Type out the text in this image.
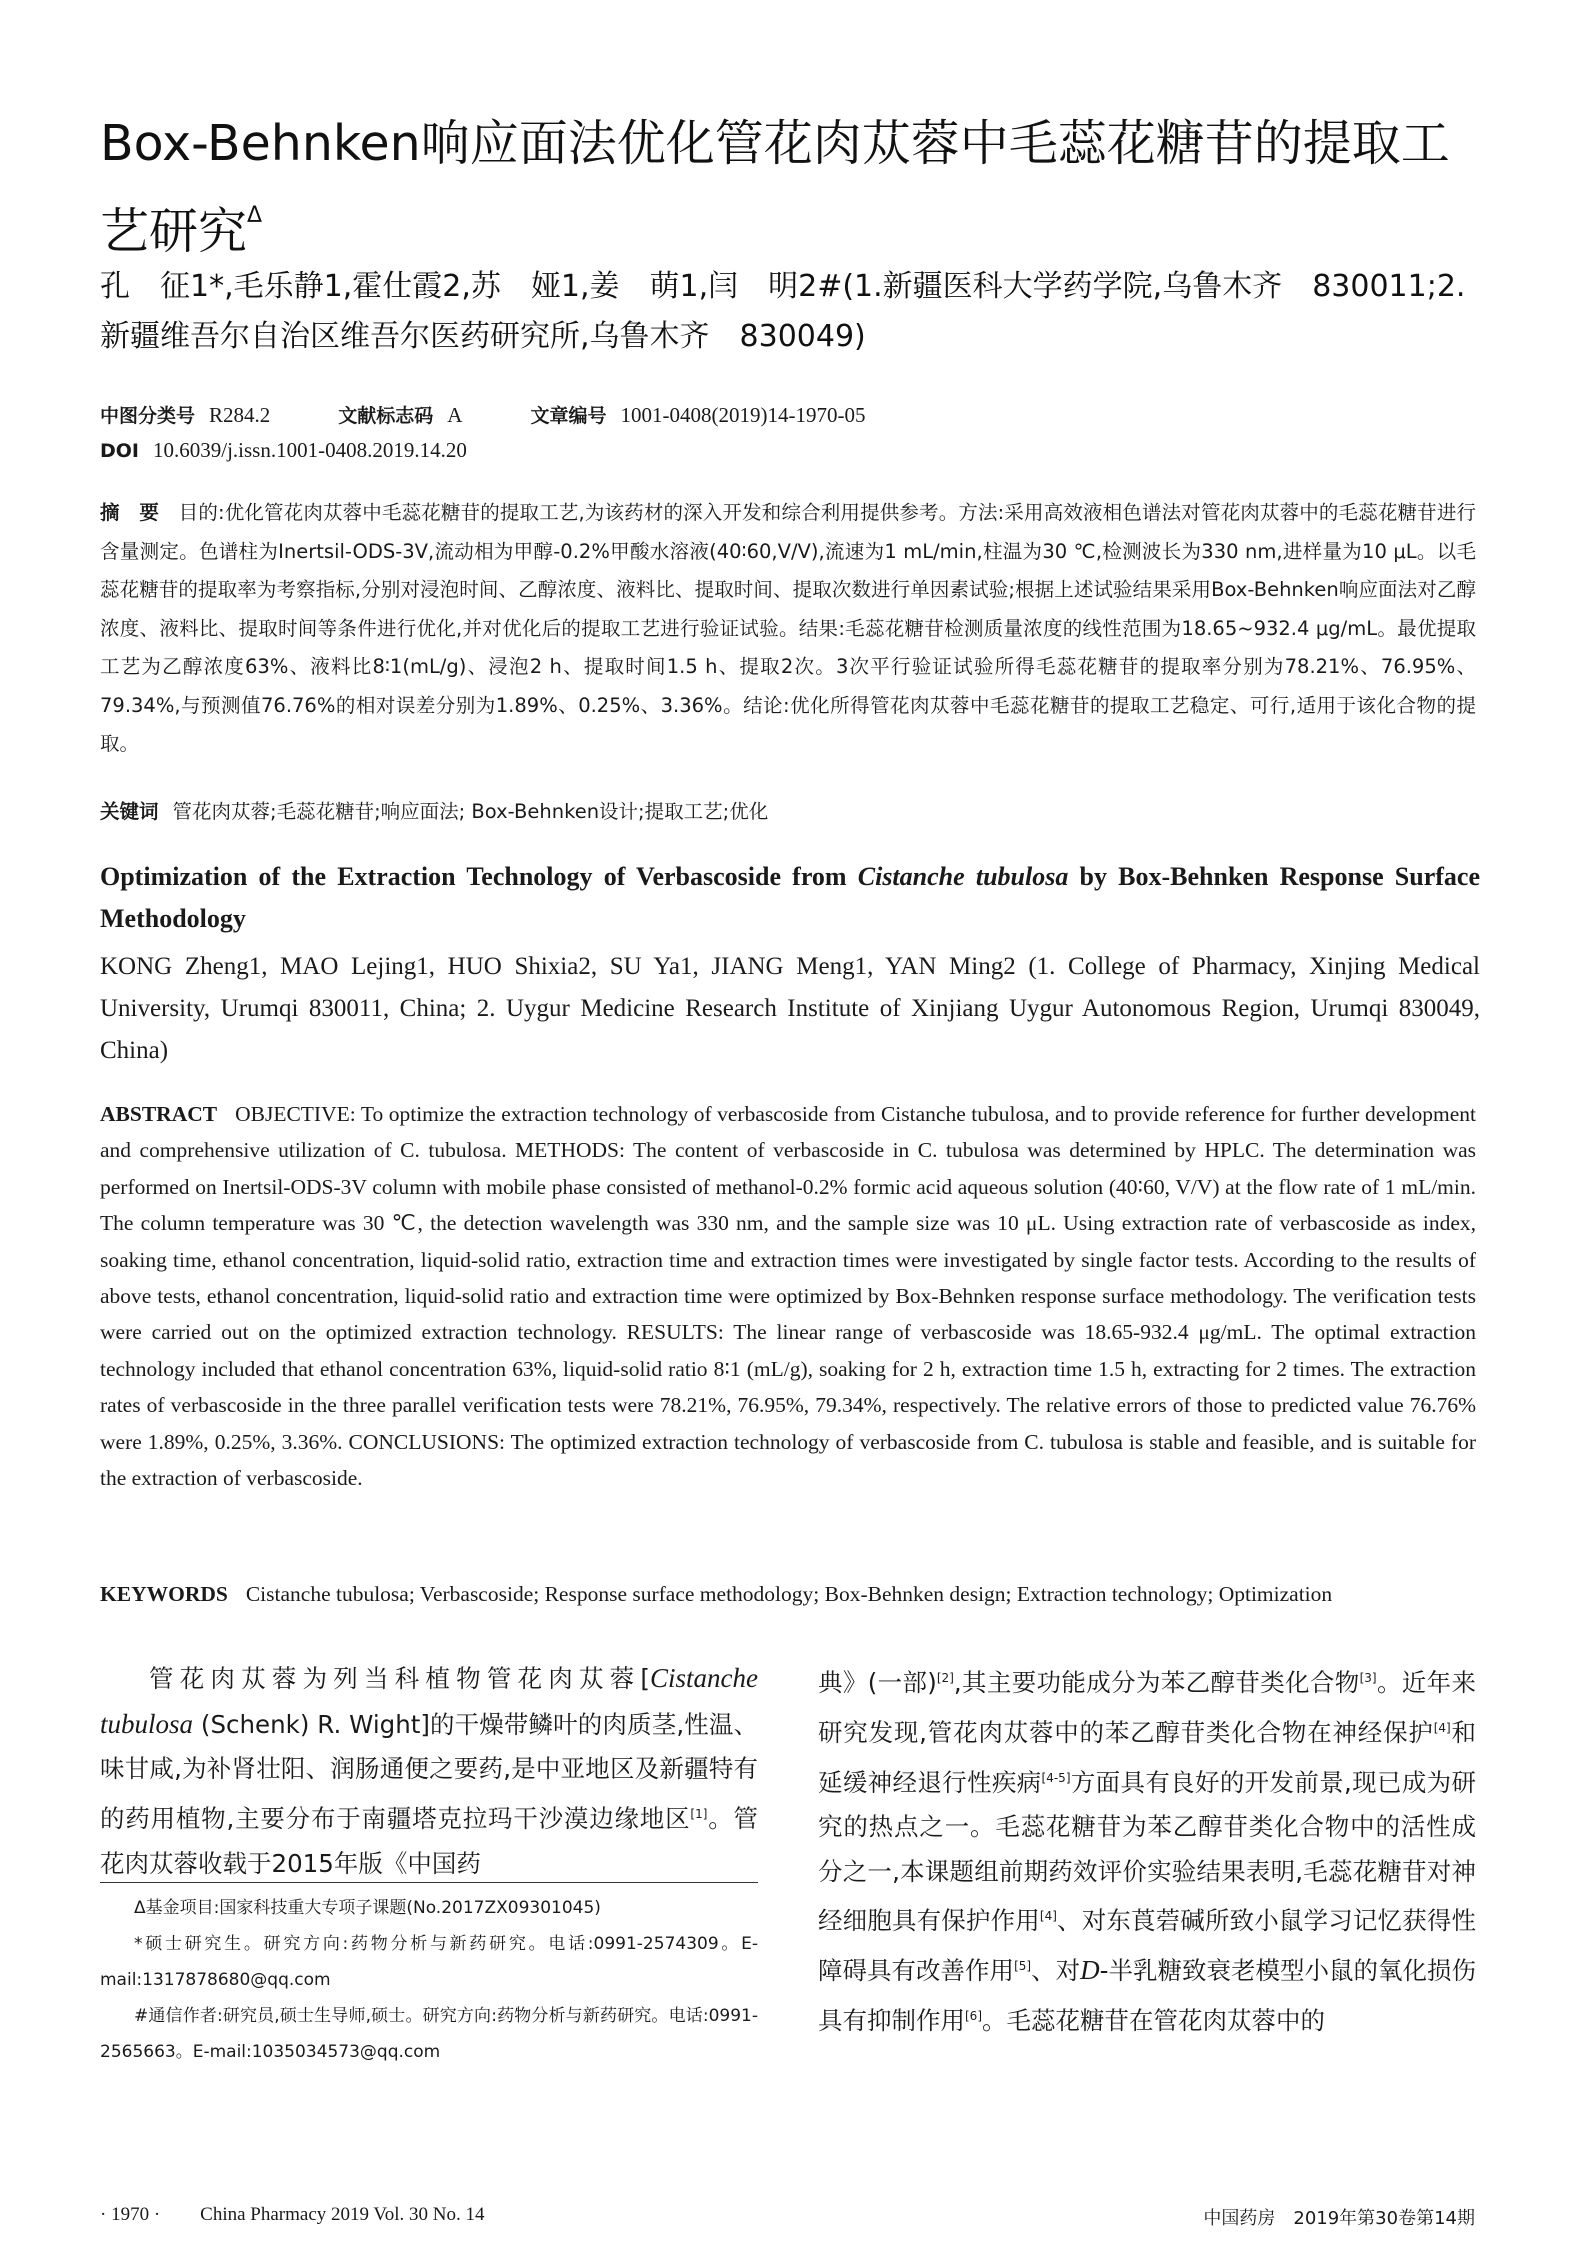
Box-Behnken响应面法优化管花肉苁蓉中毛蕊花糖苷的提取工艺研究$^\Delta$
孔　征1*,毛乐静1,霍仕霞2,苏　娅1,姜　萌1,闫　明2#(1.新疆医科大学药学院,乌鲁木齐　830011;2.新疆维吾尔自治区维吾尔医药研究所,乌鲁木齐　830049)
中图分类号 R284.2	文献标志码 A	文章编号 1001-0408(2019)14-1970-05
DOI 10.6039/j.issn.1001-0408.2019.14.20

摘　要　 目的:优化管花肉苁蓉中毛蕊花糖苷的提取工艺,为该药材的深入开发和综合利用提供参考。方法:采用高效液相色谱法对管花肉苁蓉中的毛蕊花糖苷进行含量测定。色谱柱为Inertsil-ODS-3V,流动相为甲醇-0.2%甲酸水溶液(40∶60,V/V),流速为1 mL/min,柱温为30 ℃,检测波长为330 nm,进样量为10 μL。以毛蕊花糖苷的提取率为考察指标,分别对浸泡时间、乙醇浓度、液料比、提取时间、提取次数进行单因素试验;根据上述试验结果采用Box-Behnken响应面法对乙醇浓度、液料比、提取时间等条件进行优化,并对优化后的提取工艺进行验证试验。结果:毛蕊花糖苷检测质量浓度的线性范围为18.65~932.4 μg/mL。最优提取工艺为乙醇浓度63%、液料比8∶1(mL/g)、浸泡2 h、提取时间1.5 h、提取2次。3次平行验证试验所得毛蕊花糖苷的提取率分别为78.21%、76.95%、79.34%,与预测值76.76%的相对误差分别为1.89%、0.25%、3.36%。结论:优化所得管花肉苁蓉中毛蕊花糖苷的提取工艺稳定、可行,适用于该化合物的提取。

关键词 管花肉苁蓉;毛蕊花糖苷;响应面法; Box-Behnken设计;提取工艺;优化

Optimization of the Extraction Technology of Verbascoside from Cistanche tubulosa by Box-Behnken Response Surface Methodology

KONG Zheng1, MAO Lejing1, HUO Shixia2, SU Ya1, JIANG Meng1, YAN Ming2 (1. College of Pharmacy, Xinjing Medical University, Urumqi 830011, China; 2. Uygur Medicine Research Institute of Xinjiang Uygur Autonomous Region, Urumqi 830049, China)

ABSTRACT OBJECTIVE: To optimize the extraction technology of verbascoside from Cistanche tubulosa, and to provide reference for further development and comprehensive utilization of C. tubulosa. METHODS: The content of verbascoside in C. tubulosa was determined by HPLC. The determination was performed on Inertsil-ODS-3V column with mobile phase consisted of methanol-0.2% formic acid aqueous solution (40∶60, V/V) at the flow rate of 1 mL/min. The column temperature was 30 ℃, the detection wavelength was 330 nm, and the sample size was 10 μL. Using extraction rate of verbascoside as index, soaking time, ethanol concentration, liquid-solid ratio, extraction time and extraction times were investigated by single factor tests. According to the results of above tests, ethanol concentration, liquid-solid ratio and extraction time were optimized by Box-Behnken response surface methodology. The verification tests were carried out on the optimized extraction technology. RESULTS: The linear range of verbascoside was 18.65-932.4 μg/mL. The optimal extraction technology included that ethanol concentration 63%, liquid-solid ratio 8∶1 (mL/g), soaking for 2 h, extraction time 1.5 h, extracting for 2 times. The extraction rates of verbascoside in the three parallel verification tests were 78.21%, 76.95%, 79.34%, respectively. The relative errors of those to predicted value 76.76% were 1.89%, 0.25%, 3.36%. CONCLUSIONS: The optimized extraction technology of verbascoside from C. tubulosa is stable and feasible, and is suitable for the extraction of verbascoside.

KEYWORDS Cistanche tubulosa; Verbascoside; Response surface methodology; Box-Behnken design; Extraction technology; Optimization

管花肉苁蓉为列当科植物管花肉苁蓉[Cistanche tubulosa (Schenk) R. Wight]的干燥带鳞叶的肉质茎,性温、味甘咸,为补肾壮阳、润肠通便之要药,是中亚地区及新疆特有的药用植物,主要分布于南疆塔克拉玛干沙漠边缘地区[1]。管花肉苁蓉收载于2015年版《中国药

Δ基金项目:国家科技重大专项子课题(No.2017ZX09301045)

*硕士研究生。研究方向:药物分析与新药研究。电话:0991-2574309。E-mail:1317878680@qq.com

#通信作者:研究员,硕士生导师,硕士。研究方向:药物分析与新药研究。电话:0991-2565663。E-mail:1035034573@qq.com

典》(一部)[2],其主要功能成分为苯乙醇苷类化合物[3]。近年来研究发现,管花肉苁蓉中的苯乙醇苷类化合物在神经保护[4]和延缓神经退行性疾病[4-5]方面具有良好的开发前景,现已成为研究的热点之一。毛蕊花糖苷为苯乙醇苷类化合物中的活性成分之一,本课题组前期药效评价实验结果表明,毛蕊花糖苷对神经细胞具有保护作用[4]、对东莨菪碱所致小鼠学习记忆获得性障碍具有改善作用[5]、对D-半乳糖致衰老模型小鼠的氧化损伤具有抑制作用[6]。毛蕊花糖苷在管花肉苁蓉中的

· 1970 · China Pharmacy 2019 Vol. 30 No. 14	中国药房　2019年第30卷第14期
